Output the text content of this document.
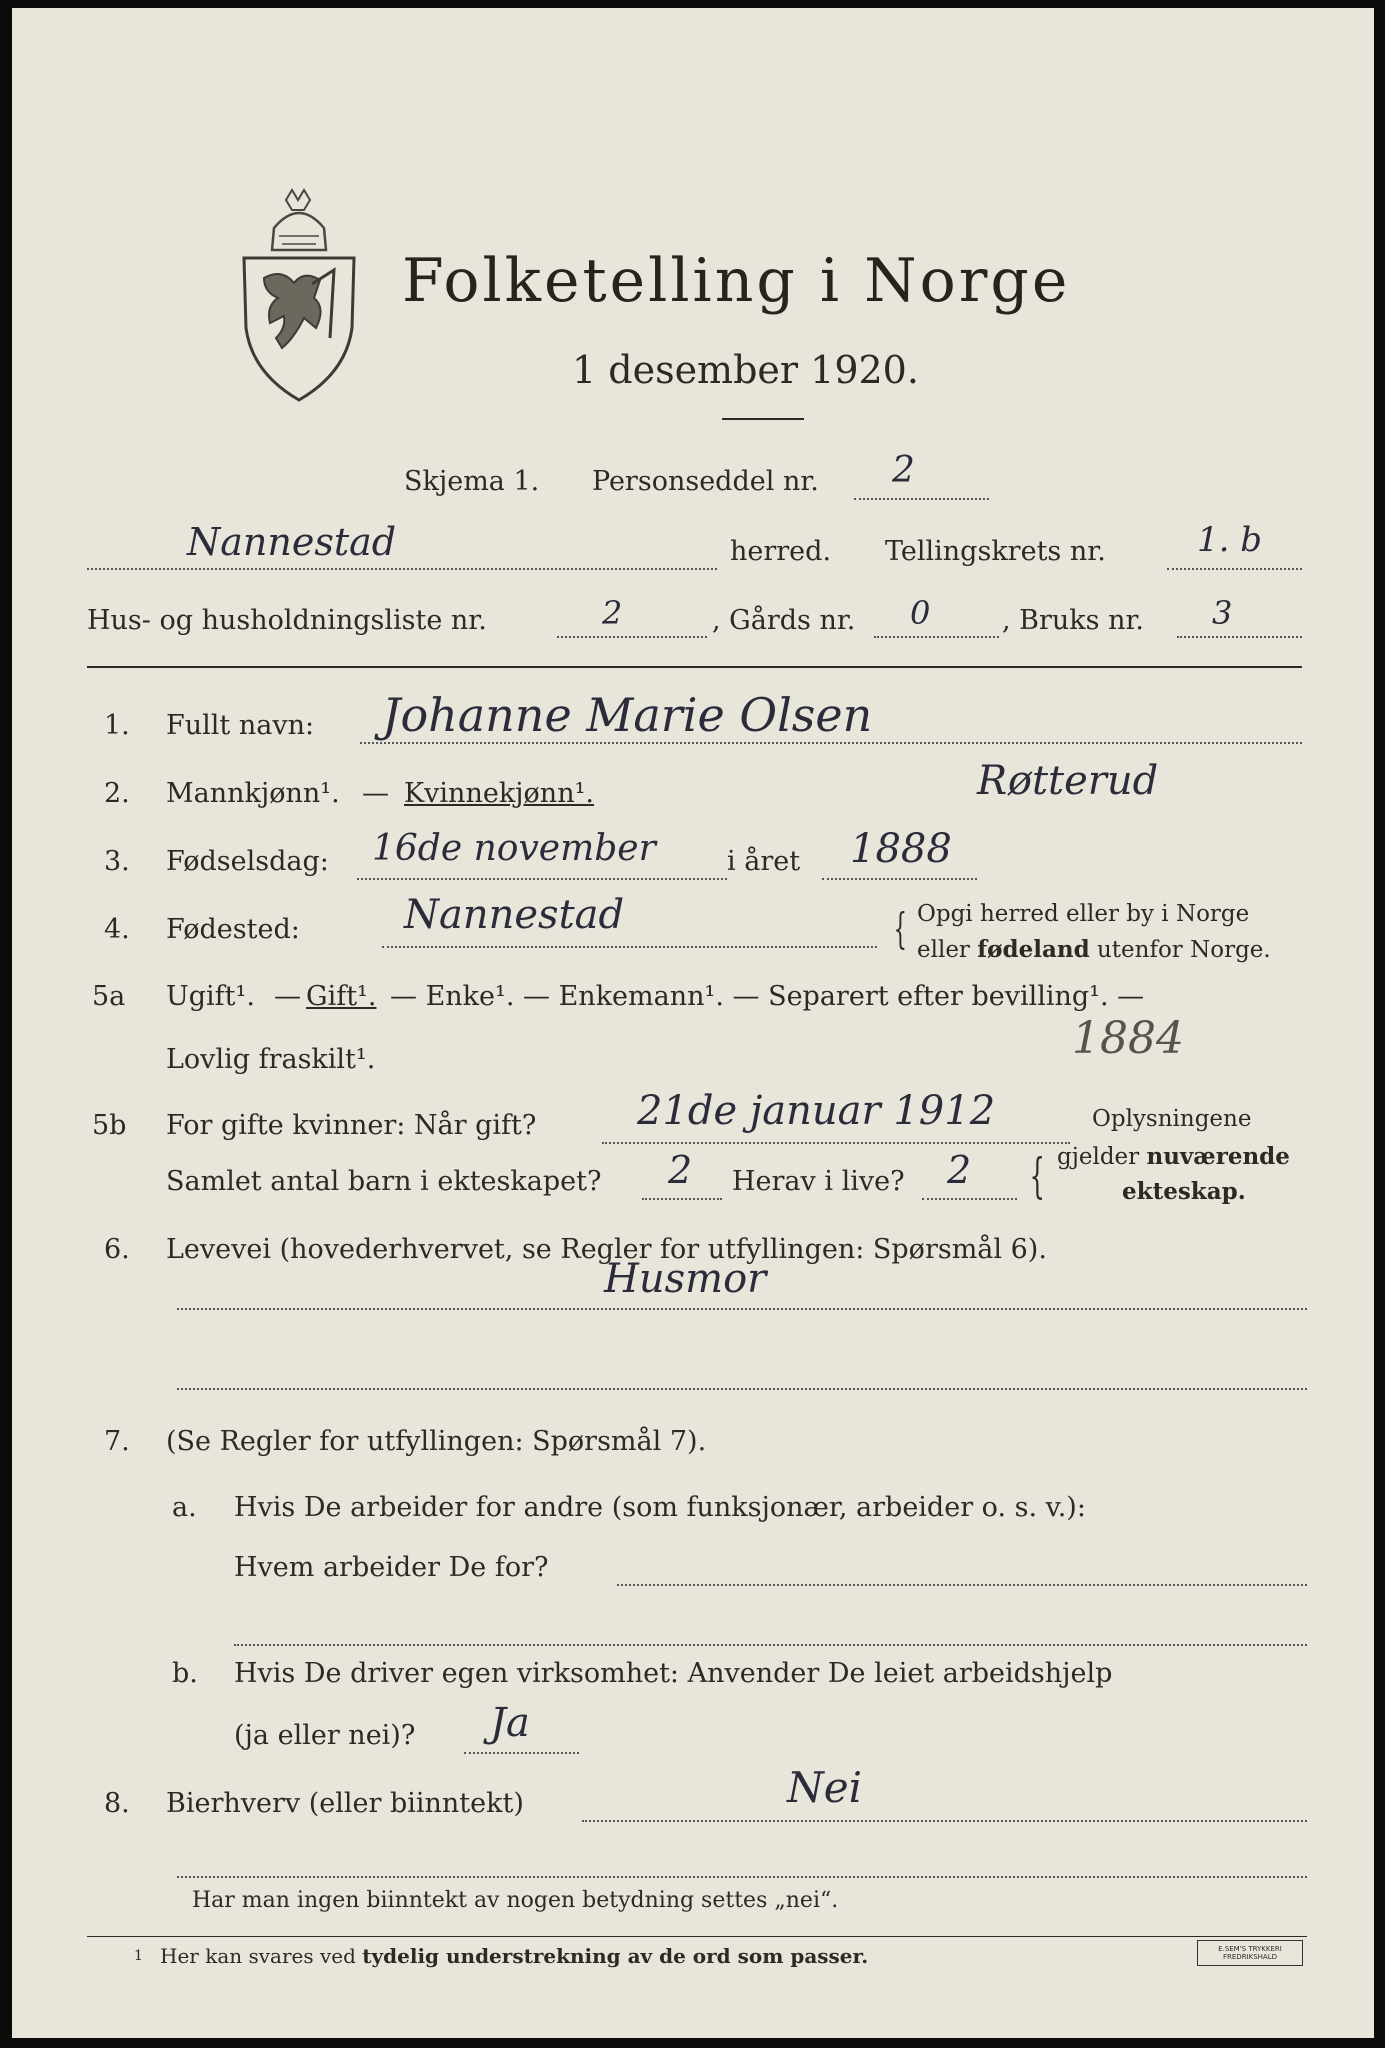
Folketelling i Norge
1 desember 1920.
Skjema 1. Personseddel nr. 2
Nannestad	herred. Tellingskrets nr.	1. b
Hus- og husholdningsliste nr.	2	, Gårds nr. 0	, Bruks nr. 3
1. Fullt navn: Johanne Marie Olsen
2. Mannkjønn¹. — Kvinnekjønn¹.	Røtterud
3. Fødselsdag: 16de november	i året 1888
4. Fødested:	Nannestad	{ Opgi herred eller by i Norge
eller fødeland utenfor Norge.
5a Ugift¹. — Gift¹. — Enke¹. — Enkemann¹. — Separert efter bevilling¹. —
Lovlig fraskilt¹.	1884
5b For gifte kvinner: Når gift?	21de januar 1912	Oplysningene
Samlet antal barn i ekteskapet? 2 Herav i live? 2 { gjelder nuværende
ekteskap.
6. Levevei (hovederhvervet, se Regler for utfyllingen: Spørsmål 6).
Husmor
7. (Se Regler for utfyllingen: Spørsmål 7).
a. Hvis De arbeider for andre (som funksjonær, arbeider o. s. v.):
Hvem arbeider De for?
b. Hvis De driver egen virksomhet: Anvender De leiet arbeidshjelp
(ja eller nei)? Ja
8. Bierhverv (eller biinntekt)	Nei
Har man ingen biinntekt av nogen betydning settes „nei“.
1 Her kan svares ved tydelig understrekning av de ord som passer.	E.SEM'S TRYKKERI FREDRIKSHALD
